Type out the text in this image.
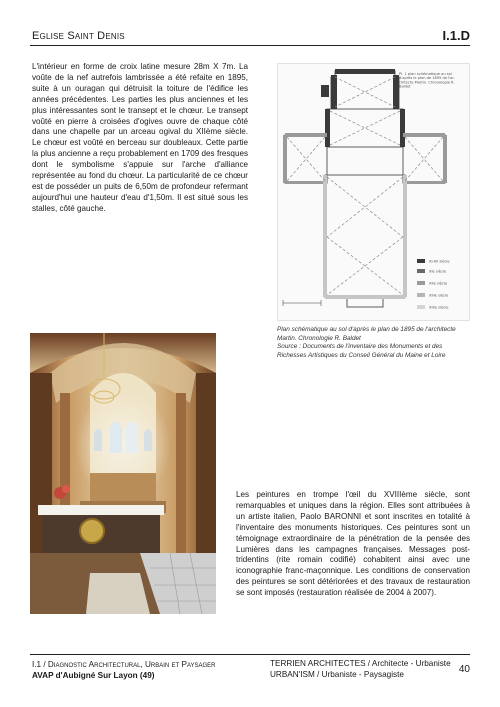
Eglise Saint Denis	I.1.D

L'intérieur en forme de croix latine mesure 28m X 7m. La voûte de la nef autrefois lambrissée a été refaite en 1895, suite à un ouragan qui détruisit la toiture de l'édifice les années précédentes. Les parties les plus anciennes et les plus intéressantes sont le transept et le chœur. Le transept voûté en pierre à croisées d'ogives ouvre de chaque côté dans une chapelle par un arceau ogival du XIIème siècle. Le chœur est voûté en berceau sur doubleaux. Cette partie la plus ancienne a reçu probablement en 1709 des fresques dont le symbolisme s'appuie sur l'arche d'alliance représentée au fond du chœur. La particularité de ce chœur est de posséder un puits de 6,50m de profondeur refermant aujourd'hui une hauteur d'eau d'1,50m. Il est situé sous les stalles, côté gauche.

Pl. 1 plan schématique au sol d'après le plan de 1895 de l'ar- chitecte Martin. Chronologie R. Baldet
XI-XII siècle
XIe siècle
XIIe siècle
XIIIe siècle
XIXe siècle
Plan schématique au sol d'après le plan de 1895 de l'architecte
Martin. Chronologie R. Baldet
Source : Documents de l'inventaire des Monuments et des
Richesses Artistiques du Conseil Général du Maine et Loire

Les peintures en trompe l'œil du XVIIIème siècle, sont remarquables et uniques dans la région. Elles sont attribuées à un artiste italien, Paolo BARONNI et sont inscrites en totalité à l'inventaire des monuments historiques. Ces peintures sont un témoignage extraordinaire de la pénétration de la pensée des Lumières dans les campagnes françaises. Messages post-tridentins (rite romain codifié) cohabitent ainsi avec une iconographie franc-maçonnique. Les conditions de conservation des peintures se sont détériorées et des travaux de restauration se sont imposés (restauration réalisée de 2004 à 2007).

I.1 / Diagnostic Architectural, Urbain et Paysager
AVAP d'Aubigné Sur Layon (49)
TERRIEN ARCHITECTES / Architecte - Urbaniste
URBAN'ISM / Urbaniste - Paysagiste	40
